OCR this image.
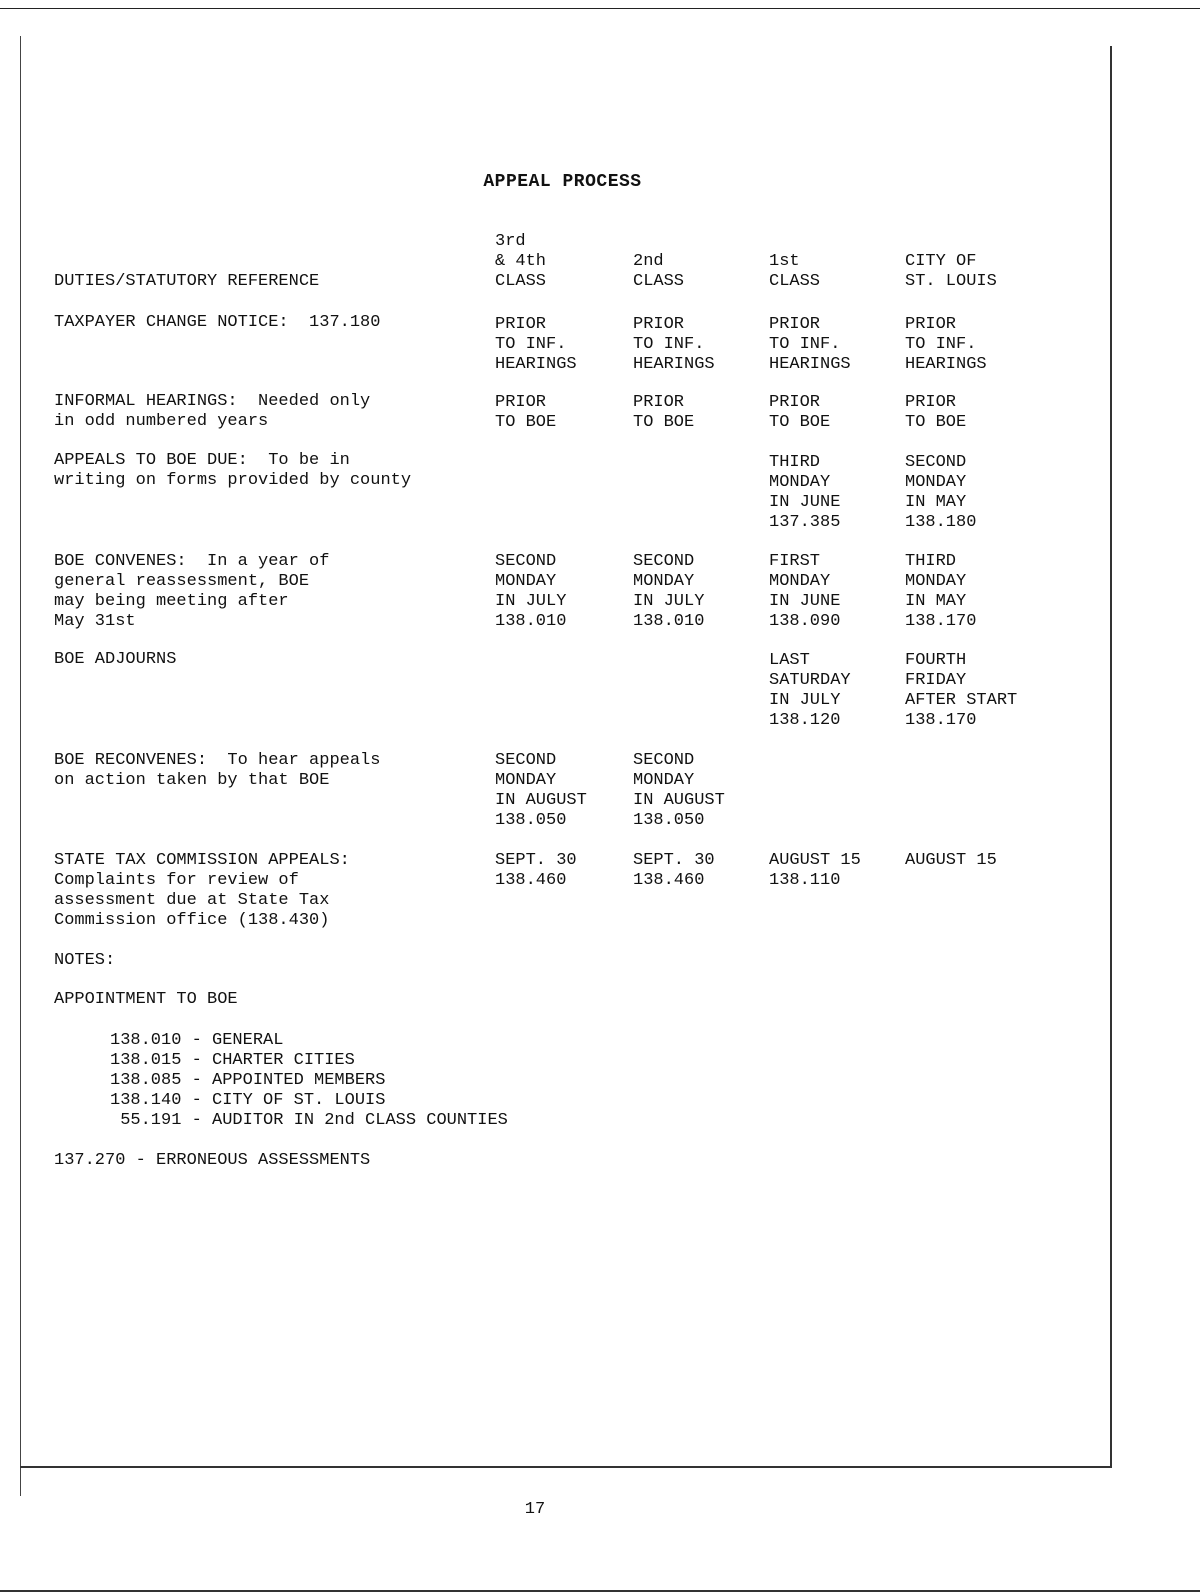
APPEAL PROCESS
DUTIES/STATUTORY REFERENCE
3rd
& 4th
CLASS
2nd
CLASS
1st
CLASS
CITY OF
ST. LOUIS
TAXPAYER CHANGE NOTICE:  137.180	PRIOR
TO INF.
HEARINGS
PRIOR
TO INF.
HEARINGS
PRIOR
TO INF.
HEARINGS
PRIOR
TO INF.
HEARINGS
INFORMAL HEARINGS:  Needed only
in odd numbered years
PRIOR
TO BOE
PRIOR
TO BOE
PRIOR
TO BOE
PRIOR
TO BOE
APPEALS TO BOE DUE:  To be in
writing on forms provided by county
THIRD
MONDAY
IN JUNE
137.385
SECOND
MONDAY
IN MAY
138.180
BOE CONVENES:  In a year of
general reassessment, BOE
may being meeting after
May 31st
SECOND
MONDAY
IN JULY
138.010
SECOND
MONDAY
IN JULY
138.010
FIRST
MONDAY
IN JUNE
138.090
THIRD
MONDAY
IN MAY
138.170
BOE ADJOURNS	LAST
SATURDAY
IN JULY
138.120
FOURTH
FRIDAY
AFTER START
138.170
BOE RECONVENES:  To hear appeals
on action taken by that BOE
SECOND
MONDAY
IN AUGUST
138.050
SECOND
MONDAY
IN AUGUST
138.050
STATE TAX COMMISSION APPEALS:
Complaints for review of
assessment due at State Tax
Commission office (138.430)
SEPT. 30
138.460
SEPT. 30
138.460
AUGUST 15
138.110
AUGUST 15
NOTES:
APPOINTMENT TO BOE
138.010 - GENERAL
138.015 - CHARTER CITIES
138.085 - APPOINTED MEMBERS
138.140 - CITY OF ST. LOUIS
55.191 - AUDITOR IN 2nd CLASS COUNTIES
137.270 - ERRONEOUS ASSESSMENTS
17
